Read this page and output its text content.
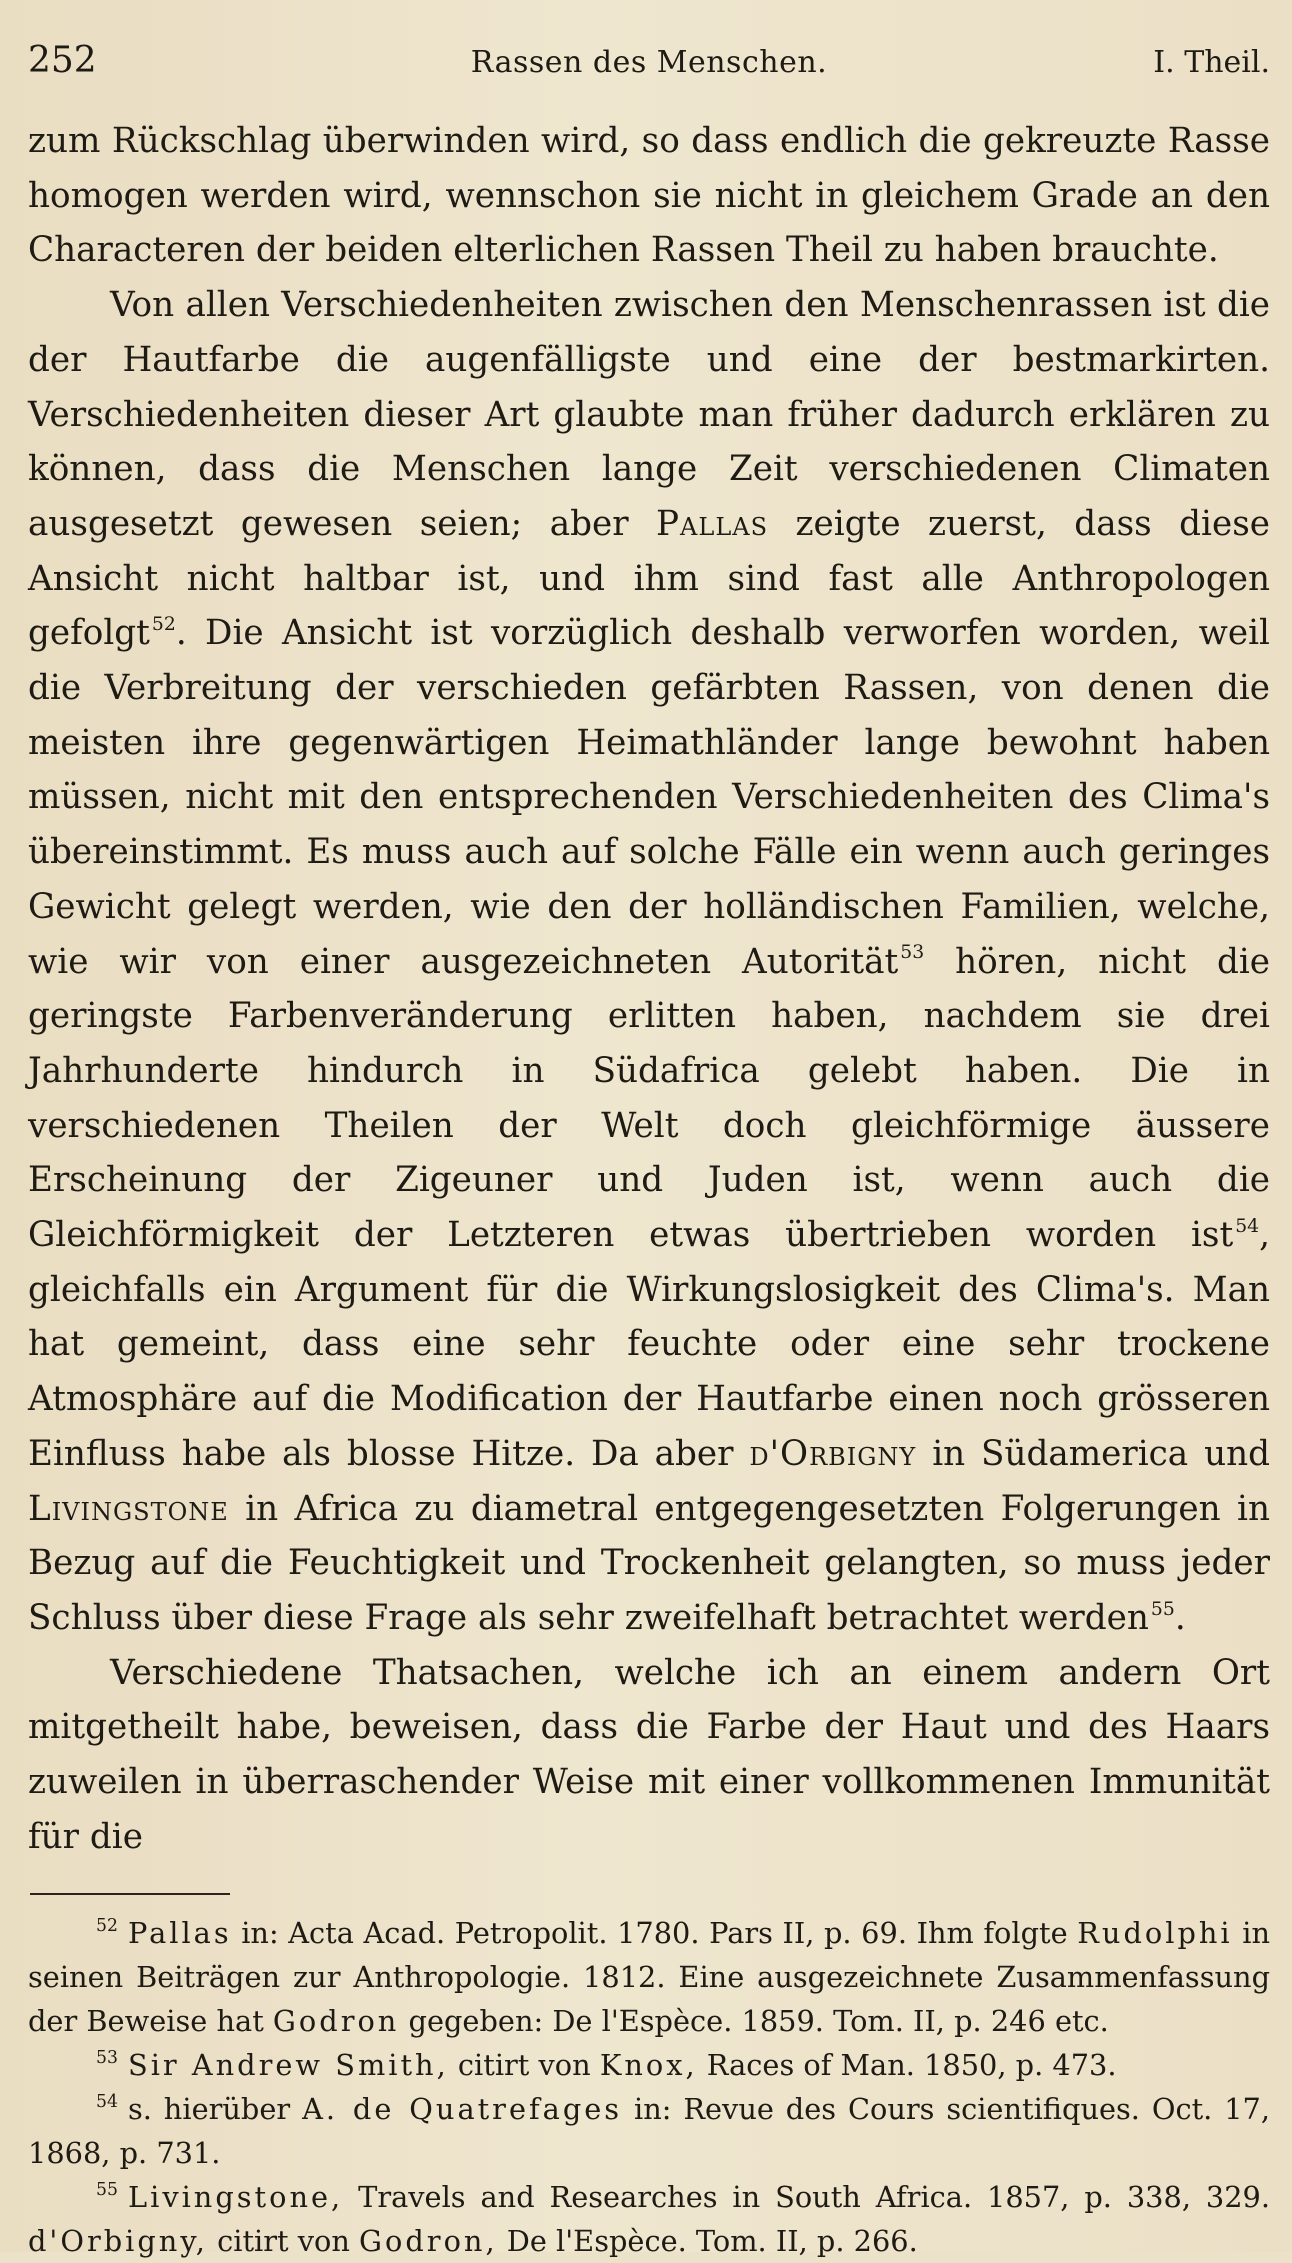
252	Rassen des Menschen.	I. Theil.

zum Rückschlag überwinden wird, so dass endlich die gekreuzte Rasse homogen werden wird, wennschon sie nicht in gleichem Grade an den Characteren der beiden elterlichen Rassen Theil zu haben brauchte.

Von allen Verschiedenheiten zwischen den Menschenrassen ist die der Hautfarbe die augenfälligste und eine der bestmarkirten. Verschiedenheiten dieser Art glaubte man früher dadurch erklären zu können, dass die Menschen lange Zeit verschiedenen Climaten ausgesetzt gewesen seien; aber Pallas zeigte zuerst, dass diese Ansicht nicht haltbar ist, und ihm sind fast alle Anthropologen gefolgt $^{52}$. Die Ansicht ist vorzüglich deshalb verworfen worden, weil die Verbreitung der verschieden gefärbten Rassen, von denen die meisten ihre gegenwärtigen Heimathländer lange bewohnt haben müssen, nicht mit den entsprechenden Verschiedenheiten des Clima's übereinstimmt. Es muss auch auf solche Fälle ein wenn auch geringes Gewicht gelegt werden, wie den der holländischen Familien, welche, wie wir von einer ausgezeichneten Autorität $^{53}$ hören, nicht die geringste Farbenveränderung erlitten haben, nachdem sie drei Jahrhunderte hindurch in Südafrica gelebt haben. Die in verschiedenen Theilen der Welt doch gleichförmige äussere Erscheinung der Zigeuner und Juden ist, wenn auch die Gleichförmigkeit der Letzteren etwas übertrieben worden ist $^{54}$, gleichfalls ein Argument für die Wirkungslosigkeit des Clima's. Man hat gemeint, dass eine sehr feuchte oder eine sehr trockene Atmosphäre auf die Modification der Hautfarbe einen noch grösseren Einfluss habe als blosse Hitze. Da aber d'Orbigny in Südamerica und Livingstone in Africa zu diametral entgegengesetzten Folgerungen in Bezug auf die Feuchtigkeit und Trockenheit gelangten, so muss jeder Schluss über diese Frage als sehr zweifelhaft betrachtet werden $^{55}$.

Verschiedene Thatsachen, welche ich an einem andern Ort mitgetheilt habe, beweisen, dass die Farbe der Haut und des Haars zuweilen in überraschender Weise mit einer vollkommenen Immunität für die

$^{52}$ Pallas in: Acta Acad. Petropolit. 1780. Pars II, p. 69. Ihm folgte Rudolphi in seinen Beiträgen zur Anthropologie. 1812. Eine ausgezeichnete Zusammenfassung der Beweise hat Godron gegeben: De l'Espèce. 1859. Tom. II, p. 246 etc.

$^{53}$ Sir Andrew Smith, citirt von Knox, Races of Man. 1850, p. 473.

$^{54}$ s. hierüber A. de Quatrefages in: Revue des Cours scientifiques. Oct. 17, 1868, p. 731.

$^{55}$ Livingstone, Travels and Researches in South Africa. 1857, p. 338, 329. d'Orbigny, citirt von Godron, De l'Espèce. Tom. II, p. 266.
